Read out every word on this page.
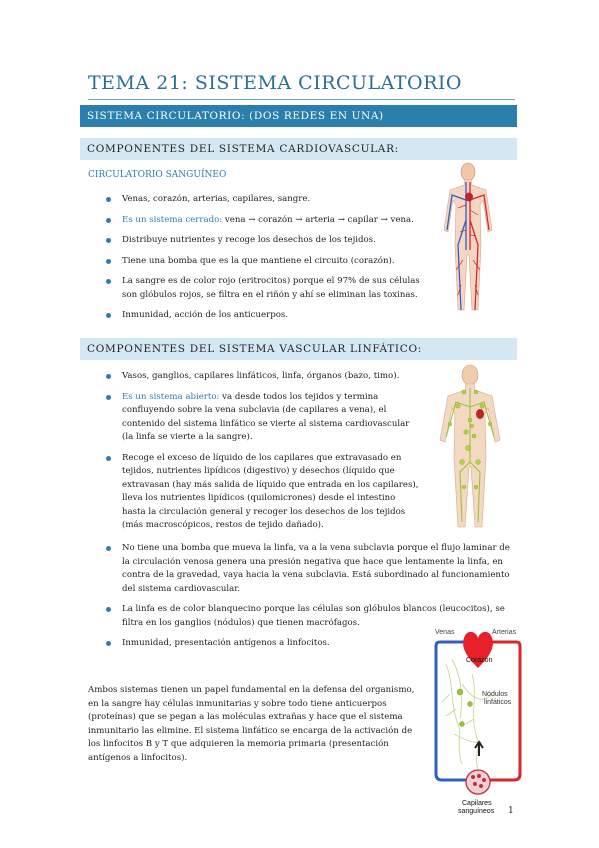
TEMA 21: SISTEMA CIRCULATORIO
SISTEMA CIRCULATORIO: (DOS REDES EN UNA)
COMPONENTES DEL SISTEMA CARDIOVASCULAR:
CIRCULATORIO SANGUÍNEO
Venas, corazón, arterias, capilares, sangre.
Es un sistema cerrado: vena → corazón → arteria → capilar → vena.
Distribuye nutrientes y recoge los desechos de los tejidos.
Tiene una bomba que es la que mantiene el circuito (corazón).
La sangre es de color rojo (eritrocitos) porque el 97% de sus células son glóbulos rojos, se filtra en el riñón y ahí se eliminan las toxinas.
Inmunidad, acción de los anticuerpos.
COMPONENTES DEL SISTEMA VASCULAR LINFÁTICO:
Vasos, ganglios, capilares linfáticos, linfa, órganos (bazo, timo).
Es un sistema abierto: va desde todos los tejidos y termina confluyendo sobre la vena subclavia (de capilares a vena), el contenido del sistema linfático se vierte al sistema cardiovascular (la linfa se vierte a la sangre).
Recoge el exceso de líquido de los capilares que extravasado en tejidos, nutrientes lipídicos (digestivo) y desechos (líquido que extravasan (hay más salida de líquido que entrada en los capilares), lleva los nutrientes lipídicos (quilomicrones) desde el intestino hasta la circulación general y recoger los desechos de los tejidos (más macroscópicos, restos de tejido dañado).
No tiene una bomba que mueva la linfa, va a la vena subclavia porque el flujo laminar de la circulación venosa genera una presión negativa que hace que lentamente la linfa, en contra de la gravedad, vaya hacia la vena subclavia. Está subordinado al funcionamiento del sistema cardiovascular.
La linfa es de color blanquecino porque las células son glóbulos blancos (leucocitos), se filtra en los ganglios (nódulos) que tienen macrófagos.
Inmunidad, presentación antígenos a linfocitos.
Venas	Arterias
Corazón
Nódulos
linfáticos
Capilares
sanguíneos
Ambos sistemas tienen un papel fundamental en la defensa del organismo, en la sangre hay células inmunitarias y sobre todo tiene anticuerpos (proteínas) que se pegan a las moléculas extrañas y hace que el sistema inmunitario las elimine. El sistema linfático se encarga de la activación de los linfocitos B y T que adquieren la memoria primaria (presentación antígenos a linfocitos).
1
